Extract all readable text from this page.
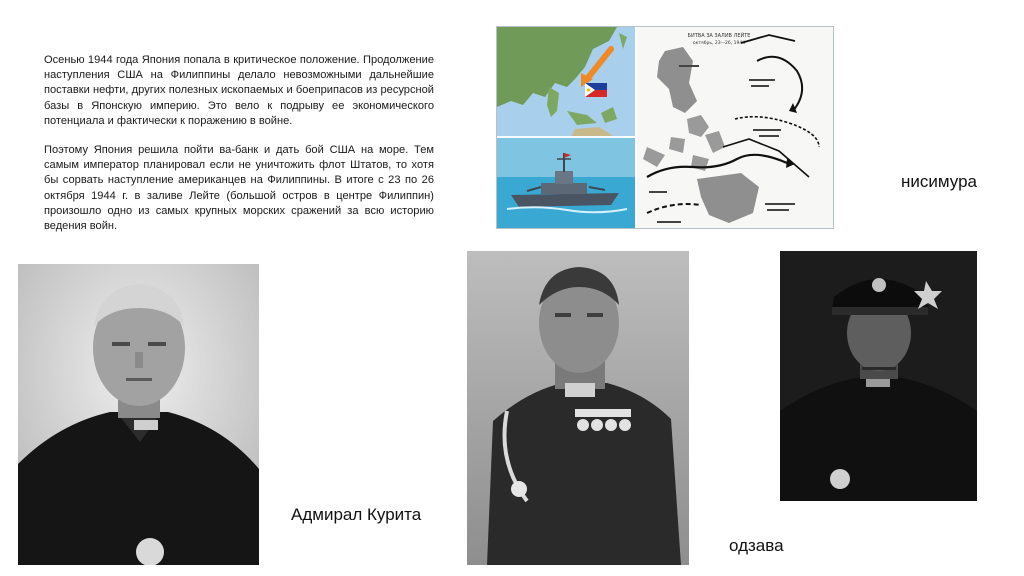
Осенью 1944 года Япония попала в критическое положение. Продолжение наступления США на Филиппины делало невозможными дальнейшие поставки нефти, других полезных ископаемых и боеприпасов из ресурсной базы в Японскую империю. Это вело к подрыву ее экономического потенциала и фактически к поражению в войне.

Поэтому Япония решила пойти ва-банк и дать бой США на море. Тем самым император планировал если не уничтожить флот Штатов, то хотя бы сорвать наступление американцев на Филиппины. В итоге с 23 по 26 октября 1944 г. в заливе Лейте (большой остров в центре Филиппин) произошло одно из самых крупных морских сражений за всю историю ведения войн.

БИТВА ЗА ЗАЛИВ ЛЕЙТЕ
октябрь, 23—26, 1944
нисимура
Адмирал Курита
одзава
